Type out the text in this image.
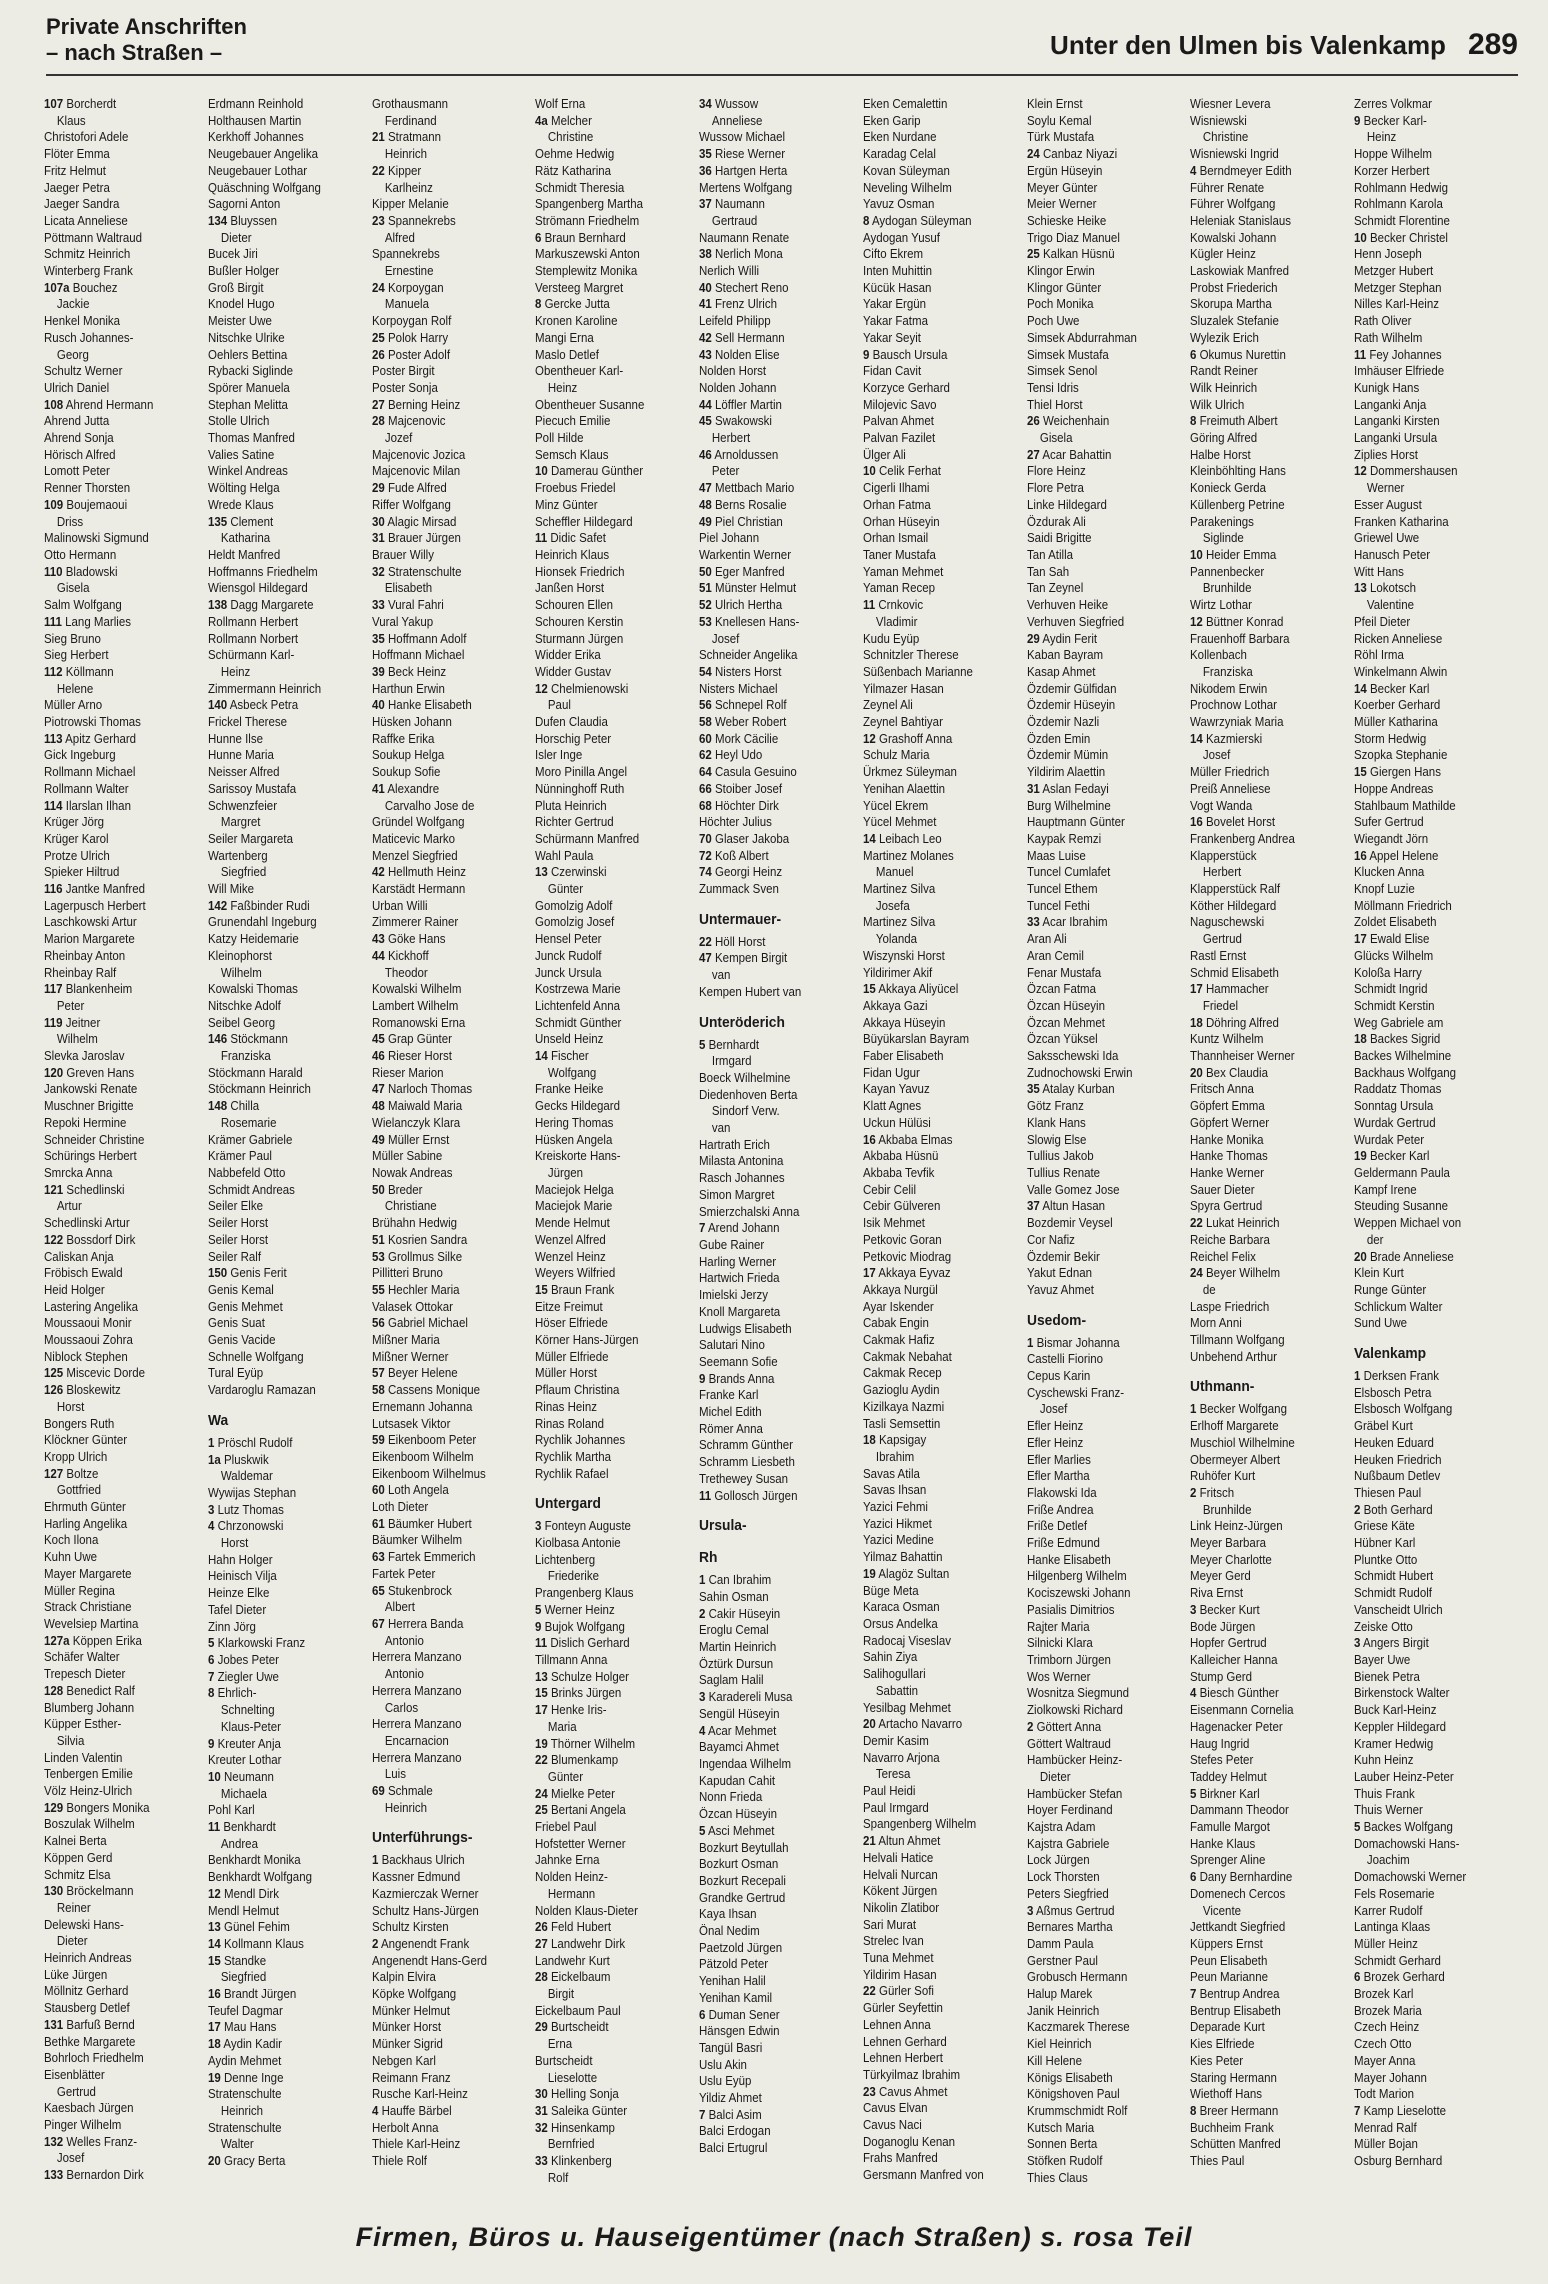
Private Anschriften
– nach Straßen –	Unter den Ulmen bis Valenkamp 289
107 Borcherdt
Klaus
Christofori Adele
Flöter Emma
Fritz Helmut
Jaeger Petra
Jaeger Sandra
Licata Anneliese
Pöttmann Waltraud
Schmitz Heinrich
Winterberg Frank
107a Bouchez
Jackie
Henkel Monika
Rusch Johannes-
Georg
Schultz Werner
Ulrich Daniel
108 Ahrend Hermann
Ahrend Jutta
Ahrend Sonja
Hörisch Alfred
Lomott Peter
Renner Thorsten
109 Boujemaoui
Driss
Malinowski Sigmund
Otto Hermann
110 Bladowski
Gisela
Salm Wolfgang
111 Lang Marlies
Sieg Bruno
Sieg Herbert
112 Köllmann
Helene
Müller Arno
Piotrowski Thomas
113 Apitz Gerhard
Gick Ingeburg
Rollmann Michael
Rollmann Walter
114 Ilarslan Ilhan
Krüger Jörg
Krüger Karol
Protze Ulrich
Spieker Hiltrud
116 Jantke Manfred
Lagerpusch Herbert
Laschkowski Artur
Marion Margarete
Rheinbay Anton
Rheinbay Ralf
117 Blankenheim
Peter
119 Jeitner
Wilhelm
Slevka Jaroslav
120 Greven Hans
Jankowski Renate
Muschner Brigitte
Repoki Hermine
Schneider Christine
Schürings Herbert
Smrcka Anna
121 Schedlinski
Artur
Schedlinski Artur
122 Bossdorf Dirk
Caliskan Anja
Fröbisch Ewald
Heid Holger
Lastering Angelika
Moussaoui Monir
Moussaoui Zohra
Niblock Stephen
125 Miscevic Dorde
126 Bloskewitz
Horst
Bongers Ruth
Klöckner Günter
Kropp Ulrich
127 Boltze
Gottfried
Ehrmuth Günter
Harling Angelika
Koch Ilona
Kuhn Uwe
Mayer Margarete
Müller Regina
Strack Christiane
Wevelsiep Martina
127a Köppen Erika
Schäfer Walter
Trepesch Dieter
128 Benedict Ralf
Blumberg Johann
Küpper Esther-
Silvia
Linden Valentin
Tenbergen Emilie
Völz Heinz-Ulrich
129 Bongers Monika
Boszulak Wilhelm
Kalnei Berta
Köppen Gerd
Schmitz Elsa
130 Bröckelmann
Reiner
Delewski Hans-
Dieter
Heinrich Andreas
Lüke Jürgen
Möllnitz Gerhard
Stausberg Detlef
131 Barfuß Bernd
Bethke Margarete
Bohrloch Friedhelm
Eisenblätter
Gertrud
Kaesbach Jürgen
Pinger Wilhelm
132 Welles Franz-
Josef
133 Bernardon Dirk
Erdmann Reinhold
Holthausen Martin
Kerkhoff Johannes
Neugebauer Angelika
Neugebauer Lothar
Quäschning Wolfgang
Sagorni Anton
134 Bluyssen
Dieter
Bucek Jiri
Bußler Holger
Groß Birgit
Knodel Hugo
Meister Uwe
Nitschke Ulrike
Oehlers Bettina
Rybacki Siglinde
Spörer Manuela
Stephan Melitta
Stolle Ulrich
Thomas Manfred
Valies Satine
Winkel Andreas
Wölting Helga
Wrede Klaus
135 Clement
Katharina
Heldt Manfred
Hoffmanns Friedhelm
Wiensgol Hildegard
138 Dagg Margarete
Rollmann Herbert
Rollmann Norbert
Schürmann Karl-
Heinz
Zimmermann Heinrich
140 Asbeck Petra
Frickel Therese
Hunne Ilse
Hunne Maria
Neisser Alfred
Sarissoy Mustafa
Schwenzfeier
Margret
Seiler Margareta
Wartenberg
Siegfried
Will Mike
142 Faßbinder Rudi
Grunendahl Ingeburg
Katzy Heidemarie
Kleinophorst
Wilhelm
Kowalski Thomas
Nitschke Adolf
Seibel Georg
146 Stöckmann
Franziska
Stöckmann Harald
Stöckmann Heinrich
148 Chilla
Rosemarie
Krämer Gabriele
Krämer Paul
Nabbefeld Otto
Schmidt Andreas
Seiler Elke
Seiler Horst
Seiler Horst
Seiler Ralf
150 Genis Ferit
Genis Kemal
Genis Mehmet
Genis Suat
Genis Vacide
Schnelle Wolfgang
Tural Eyüp
Vardaroglu Ramazan
Wa
1 Pröschl Rudolf
1a Pluskwik
Waldemar
Wywijas Stephan
3 Lutz Thomas
4 Chrzonowski
Horst
Hahn Holger
Heinisch Vilja
Heinze Elke
Tafel Dieter
Zinn Jörg
5 Klarkowski Franz
6 Jobes Peter
7 Ziegler Uwe
8 Ehrlich-
Schnelting
Klaus-Peter
9 Kreuter Anja
Kreuter Lothar
10 Neumann
Michaela
Pohl Karl
11 Benkhardt
Andrea
Benkhardt Monika
Benkhardt Wolfgang
12 Mendl Dirk
Mendl Helmut
13 Günel Fehim
14 Kollmann Klaus
15 Standke
Siegfried
16 Brandt Jürgen
Teufel Dagmar
17 Mau Hans
18 Aydin Kadir
Aydin Mehmet
19 Denne Inge
Stratenschulte
Heinrich
Stratenschulte
Walter
20 Gracy Berta
Grothausmann
Ferdinand
21 Stratmann
Heinrich
22 Kipper
Karlheinz
Kipper Melanie
23 Spannekrebs
Alfred
Spannekrebs
Ernestine
24 Korpoygan
Manuela
Korpoygan Rolf
25 Polok Harry
26 Poster Adolf
Poster Birgit
Poster Sonja
27 Berning Heinz
28 Majcenovic
Jozef
Majcenovic Jozica
Majcenovic Milan
29 Fude Alfred
Riffer Wolfgang
30 Alagic Mirsad
31 Brauer Jürgen
Brauer Willy
32 Stratenschulte
Elisabeth
33 Vural Fahri
Vural Yakup
35 Hoffmann Adolf
Hoffmann Michael
39 Beck Heinz
Harthun Erwin
40 Hanke Elisabeth
Hüsken Johann
Raffke Erika
Soukup Helga
Soukup Sofie
41 Alexandre
Carvalho Jose de
Gründel Wolfgang
Maticevic Marko
Menzel Siegfried
42 Hellmuth Heinz
Karstädt Hermann
Urban Willi
Zimmerer Rainer
43 Göke Hans
44 Kickhoff
Theodor
Kowalski Wilhelm
Lambert Wilhelm
Romanowski Erna
45 Grap Günter
46 Rieser Horst
Rieser Marion
47 Narloch Thomas
48 Maiwald Maria
Wielanczyk Klara
49 Müller Ernst
Müller Sabine
Nowak Andreas
50 Breder
Christiane
Brühahn Hedwig
51 Kosrien Sandra
53 Grollmus Silke
Pillitteri Bruno
55 Hechler Maria
Valasek Ottokar
56 Gabriel Michael
Mißner Maria
Mißner Werner
57 Beyer Helene
58 Cassens Monique
Ernemann Johanna
Lutsasek Viktor
59 Eikenboom Peter
Eikenboom Wilhelm
Eikenboom Wilhelmus
60 Loth Angela
Loth Dieter
61 Bäumker Hubert
Bäumker Wilhelm
63 Fartek Emmerich
Fartek Peter
65 Stukenbrock
Albert
67 Herrera Banda
Antonio
Herrera Manzano
Antonio
Herrera Manzano
Carlos
Herrera Manzano
Encarnacion
Herrera Manzano
Luis
69 Schmale
Heinrich
Unterführungs-
1 Backhaus Ulrich
Kassner Edmund
Kazmierczak Werner
Schultz Hans-Jürgen
Schultz Kirsten
2 Angenendt Frank
Angenendt Hans-Gerd
Kalpin Elvira
Köpke Wolfgang
Münker Helmut
Münker Horst
Münker Sigrid
Nebgen Karl
Reimann Franz
Rusche Karl-Heinz
4 Hauffe Bärbel
Herbolt Anna
Thiele Karl-Heinz
Thiele Rolf
Wolf Erna
4a Melcher
Christine
Oehme Hedwig
Rätz Katharina
Schmidt Theresia
Spangenberg Martha
Strömann Friedhelm
6 Braun Bernhard
Markuszewski Anton
Stemplewitz Monika
Versteeg Margret
8 Gercke Jutta
Kronen Karoline
Mangi Erna
Maslo Detlef
Obentheuer Karl-
Heinz
Obentheuer Susanne
Piecuch Emilie
Poll Hilde
Semsch Klaus
10 Damerau Günther
Froebus Friedel
Minz Günter
Scheffler Hildegard
11 Didic Safet
Heinrich Klaus
Hionsek Friedrich
Janßen Horst
Schouren Ellen
Schouren Kerstin
Sturmann Jürgen
Widder Erika
Widder Gustav
12 Chelmienowski
Paul
Dufen Claudia
Horschig Peter
Isler Inge
Moro Pinilla Angel
Nünninghoff Ruth
Pluta Heinrich
Richter Gertrud
Schürmann Manfred
Wahl Paula
13 Czerwinski
Günter
Gomolzig Adolf
Gomolzig Josef
Hensel Peter
Junck Rudolf
Junck Ursula
Kostrzewa Marie
Lichtenfeld Anna
Schmidt Günther
Unseld Heinz
14 Fischer
Wolfgang
Franke Heike
Gecks Hildegard
Hering Thomas
Hüsken Angela
Kreiskorte Hans-
Jürgen
Maciejok Helga
Maciejok Marie
Mende Helmut
Wenzel Alfred
Wenzel Heinz
Weyers Wilfried
15 Braun Frank
Eitze Freimut
Höser Elfriede
Körner Hans-Jürgen
Müller Elfriede
Müller Horst
Pflaum Christina
Rinas Heinz
Rinas Roland
Rychlik Johannes
Rychlik Martha
Rychlik Rafael
Untergard
3 Fonteyn Auguste
Kiolbasa Antonie
Lichtenberg
Friederike
Prangenberg Klaus
5 Werner Heinz
9 Bujok Wolfgang
11 Dislich Gerhard
Tillmann Anna
13 Schulze Holger
15 Brinks Jürgen
17 Henke Iris-
Maria
19 Thörner Wilhelm
22 Blumenkamp
Günter
24 Mielke Peter
25 Bertani Angela
Friebel Paul
Hofstetter Werner
Jahnke Erna
Nolden Heinz-
Hermann
Nolden Klaus-Dieter
26 Feld Hubert
27 Landwehr Dirk
Landwehr Kurt
28 Eickelbaum
Birgit
Eickelbaum Paul
29 Burtscheidt
Erna
Burtscheidt
Lieselotte
30 Helling Sonja
31 Saleika Günter
32 Hinsenkamp
Bernfried
33 Klinkenberg
Rolf
34 Wussow
Anneliese
Wussow Michael
35 Riese Werner
36 Hartgen Herta
Mertens Wolfgang
37 Naumann
Gertraud
Naumann Renate
38 Nerlich Mona
Nerlich Willi
40 Stechert Reno
41 Frenz Ulrich
Leifeld Philipp
42 Sell Hermann
43 Nolden Elise
Nolden Horst
Nolden Johann
44 Löffler Martin
45 Swakowski
Herbert
46 Arnoldussen
Peter
47 Mettbach Mario
48 Berns Rosalie
49 Piel Christian
Piel Johann
Warkentin Werner
50 Eger Manfred
51 Münster Helmut
52 Ulrich Hertha
53 Knellesen Hans-
Josef
Schneider Angelika
54 Nisters Horst
Nisters Michael
56 Schnepel Rolf
58 Weber Robert
60 Mork Cäcilie
62 Heyl Udo
64 Casula Gesuino
66 Stoiber Josef
68 Höchter Dirk
Höchter Julius
70 Glaser Jakoba
72 Koß Albert
74 Georgi Heinz
Zummack Sven
Untermauer-
22 Höll Horst
47 Kempen Birgit
van
Kempen Hubert van
Unteröderich
5 Bernhardt
Irmgard
Boeck Wilhelmine
Diedenhoven Berta
Sindorf Verw.
van
Hartrath Erich
Milasta Antonina
Rasch Johannes
Simon Margret
Smierzchalski Anna
7 Arend Johann
Gube Rainer
Harling Werner
Hartwich Frieda
Imielski Jerzy
Knoll Margareta
Ludwigs Elisabeth
Salutari Nino
Seemann Sofie
9 Brands Anna
Franke Karl
Michel Edith
Römer Anna
Schramm Günther
Schramm Liesbeth
Trethewey Susan
11 Gollosch Jürgen
Ursula-
Rh
1 Can Ibrahim
Sahin Osman
2 Cakir Hüseyin
Eroglu Cemal
Martin Heinrich
Öztürk Dursun
Saglam Halil
3 Karadereli Musa
Sengül Hüseyin
4 Acar Mehmet
Bayamci Ahmet
Ingendaa Wilhelm
Kapudan Cahit
Nonn Frieda
Özcan Hüseyin
5 Asci Mehmet
Bozkurt Beytullah
Bozkurt Osman
Bozkurt Recepali
Grandke Gertrud
Kaya Ihsan
Önal Nedim
Paetzold Jürgen
Pätzold Peter
Yenihan Halil
Yenihan Kamil
6 Duman Sener
Hänsgen Edwin
Tangül Basri
Uslu Akin
Uslu Eyüp
Yildiz Ahmet
7 Balci Asim
Balci Erdogan
Balci Ertugrul
Eken Cemalettin
Eken Garip
Eken Nurdane
Karadag Celal
Kovan Süleyman
Neveling Wilhelm
Yavuz Osman
8 Aydogan Süleyman
Aydogan Yusuf
Cifto Ekrem
Inten Muhittin
Kücük Hasan
Yakar Ergün
Yakar Fatma
Yakar Seyit
9 Bausch Ursula
Fidan Cavit
Korzyce Gerhard
Milojevic Savo
Palvan Ahmet
Palvan Fazilet
Ülger Ali
10 Celik Ferhat
Cigerli Ilhami
Orhan Fatma
Orhan Hüseyin
Orhan Ismail
Taner Mustafa
Yaman Mehmet
Yaman Recep
11 Crnkovic
Vladimir
Kudu Eyüp
Schnitzler Therese
Süßenbach Marianne
Yilmazer Hasan
Zeynel Ali
Zeynel Bahtiyar
12 Grashoff Anna
Schulz Maria
Ürkmez Süleyman
Yenihan Alaettin
Yücel Ekrem
Yücel Mehmet
14 Leibach Leo
Martinez Molanes
Manuel
Martinez Silva
Josefa
Martinez Silva
Yolanda
Wiszynski Horst
Yildirimer Akif
15 Akkaya Aliyücel
Akkaya Gazi
Akkaya Hüseyin
Büyükarslan Bayram
Faber Elisabeth
Fidan Ugur
Kayan Yavuz
Klatt Agnes
Uckun Hülüsi
16 Akbaba Elmas
Akbaba Hüsnü
Akbaba Tevfik
Cebir Celil
Cebir Gülveren
Isik Mehmet
Petkovic Goran
Petkovic Miodrag
17 Akkaya Eyvaz
Akkaya Nurgül
Ayar Iskender
Cabak Engin
Cakmak Hafiz
Cakmak Nebahat
Cakmak Recep
Gazioglu Aydin
Kizilkaya Nazmi
Tasli Semsettin
18 Kapsigay
Ibrahim
Savas Atila
Savas Ihsan
Yazici Fehmi
Yazici Hikmet
Yazici Medine
Yilmaz Bahattin
19 Alagöz Sultan
Büge Meta
Karaca Osman
Orsus Andelka
Radocaj Viseslav
Sahin Ziya
Salihogullari
Sabattin
Yesilbag Mehmet
20 Artacho Navarro
Demir Kasim
Navarro Arjona
Teresa
Paul Heidi
Paul Irmgard
Spangenberg Wilhelm
21 Altun Ahmet
Helvali Hatice
Helvali Nurcan
Kökent Jürgen
Nikolin Zlatibor
Sari Murat
Strelec Ivan
Tuna Mehmet
Yildirim Hasan
22 Gürler Sofi
Gürler Seyfettin
Lehnen Anna
Lehnen Gerhard
Lehnen Herbert
Türkyilmaz Ibrahim
23 Cavus Ahmet
Cavus Elvan
Cavus Naci
Doganoglu Kenan
Frahs Manfred
Gersmann Manfred von
Klein Ernst
Soylu Kemal
Türk Mustafa
24 Canbaz Niyazi
Ergün Hüseyin
Meyer Günter
Meier Werner
Schieske Heike
Trigo Diaz Manuel
25 Kalkan Hüsnü
Klingor Erwin
Klingor Günter
Poch Monika
Poch Uwe
Simsek Abdurrahman
Simsek Mustafa
Simsek Senol
Tensi Idris
Thiel Horst
26 Weichenhain
Gisela
27 Acar Bahattin
Flore Heinz
Flore Petra
Linke Hildegard
Özdurak Ali
Saidi Brigitte
Tan Atilla
Tan Sah
Tan Zeynel
Verhuven Heike
Verhuven Siegfried
29 Aydin Ferit
Kaban Bayram
Kasap Ahmet
Özdemir Gülfidan
Özdemir Hüseyin
Özdemir Nazli
Özden Emin
Özdemir Mümin
Yildirim Alaettin
31 Aslan Fedayi
Burg Wilhelmine
Hauptmann Günter
Kaypak Remzi
Maas Luise
Tuncel Cumlafet
Tuncel Ethem
Tuncel Fethi
33 Acar Ibrahim
Aran Ali
Aran Cemil
Fenar Mustafa
Özcan Fatma
Özcan Hüseyin
Özcan Mehmet
Özcan Yüksel
Saksschewski Ida
Zudnochowski Erwin
35 Atalay Kurban
Götz Franz
Klank Hans
Slowig Else
Tullius Jakob
Tullius Renate
Valle Gomez Jose
37 Altun Hasan
Bozdemir Veysel
Cor Nafiz
Özdemir Bekir
Yakut Ednan
Yavuz Ahmet
Usedom-
1 Bismar Johanna
Castelli Fiorino
Cepus Karin
Cyschewski Franz-
Josef
Efler Heinz
Efler Heinz
Efler Marlies
Efler Martha
Flakowski Ida
Friße Andrea
Friße Detlef
Friße Edmund
Hanke Elisabeth
Hilgenberg Wilhelm
Kociszewski Johann
Pasialis Dimitrios
Rajter Maria
Silnicki Klara
Trimborn Jürgen
Wos Werner
Wosnitza Siegmund
Ziolkowski Richard
2 Göttert Anna
Göttert Waltraud
Hambücker Heinz-
Dieter
Hambücker Stefan
Hoyer Ferdinand
Kajstra Adam
Kajstra Gabriele
Lock Jürgen
Lock Thorsten
Peters Siegfried
3 Aßmus Gertrud
Bernares Martha
Damm Paula
Gerstner Paul
Grobusch Hermann
Halup Marek
Janik Heinrich
Kaczmarek Therese
Kiel Heinrich
Kill Helene
Königs Elisabeth
Königshoven Paul
Krummschmidt Rolf
Kutsch Maria
Sonnen Berta
Stöfken Rudolf
Thies Claus
Wiesner Levera
Wisniewski
Christine
Wisniewski Ingrid
4 Berndmeyer Edith
Führer Renate
Führer Wolfgang
Heleniak Stanislaus
Kowalski Johann
Kügler Heinz
Laskowiak Manfred
Probst Friederich
Skorupa Martha
Sluzalek Stefanie
Wylezik Erich
6 Okumus Nurettin
Randt Reiner
Wilk Heinrich
Wilk Ulrich
8 Freimuth Albert
Göring Alfred
Halbe Horst
Kleinböhlting Hans
Konieck Gerda
Küllenberg Petrine
Parakenings
Siglinde
10 Heider Emma
Pannenbecker
Brunhilde
Wirtz Lothar
12 Büttner Konrad
Frauenhoff Barbara
Kollenbach
Franziska
Nikodem Erwin
Prochnow Lothar
Wawrzyniak Maria
14 Kazmierski
Josef
Müller Friedrich
Preiß Anneliese
Vogt Wanda
16 Bovelet Horst
Frankenberg Andrea
Klapperstück
Herbert
Klapperstück Ralf
Köther Hildegard
Naguschewski
Gertrud
Rastl Ernst
Schmid Elisabeth
17 Hammacher
Friedel
18 Döhring Alfred
Kuntz Wilhelm
Thannheiser Werner
20 Bex Claudia
Fritsch Anna
Göpfert Emma
Göpfert Werner
Hanke Monika
Hanke Thomas
Hanke Werner
Sauer Dieter
Spyra Gertrud
22 Lukat Heinrich
Reiche Barbara
Reichel Felix
24 Beyer Wilhelm
de
Laspe Friedrich
Morn Anni
Tillmann Wolfgang
Unbehend Arthur
Uthmann-
1 Becker Wolfgang
Erlhoff Margarete
Muschiol Wilhelmine
Obermeyer Albert
Ruhöfer Kurt
2 Fritsch
Brunhilde
Link Heinz-Jürgen
Meyer Barbara
Meyer Charlotte
Meyer Gerd
Riva Ernst
3 Becker Kurt
Bode Jürgen
Hopfer Gertrud
Kalleicher Hanna
Stump Gerd
4 Biesch Günther
Eisenmann Cornelia
Hagenacker Peter
Haug Ingrid
Stefes Peter
Taddey Helmut
5 Birkner Karl
Dammann Theodor
Famulle Margot
Hanke Klaus
Sprenger Aline
6 Dany Bernhardine
Domenech Cercos
Vicente
Jettkandt Siegfried
Küppers Ernst
Peun Elisabeth
Peun Marianne
7 Bentrup Andrea
Bentrup Elisabeth
Deparade Kurt
Kies Elfriede
Kies Peter
Staring Hermann
Wiethoff Hans
8 Breer Hermann
Buchheim Frank
Schütten Manfred
Thies Paul
Zerres Volkmar
9 Becker Karl-
Heinz
Hoppe Wilhelm
Korzer Herbert
Rohlmann Hedwig
Rohlmann Karola
Schmidt Florentine
10 Becker Christel
Henn Joseph
Metzger Hubert
Metzger Stephan
Nilles Karl-Heinz
Rath Oliver
Rath Wilhelm
11 Fey Johannes
Imhäuser Elfriede
Kunigk Hans
Langanki Anja
Langanki Kirsten
Langanki Ursula
Ziplies Horst
12 Dommershausen
Werner
Esser August
Franken Katharina
Griewel Uwe
Hanusch Peter
Witt Hans
13 Lokotsch
Valentine
Pfeil Dieter
Ricken Anneliese
Röhl Irma
Winkelmann Alwin
14 Becker Karl
Koerber Gerhard
Müller Katharina
Storm Hedwig
Szopka Stephanie
15 Giergen Hans
Hoppe Andreas
Stahlbaum Mathilde
Sufer Gertrud
Wiegandt Jörn
16 Appel Helene
Klucken Anna
Knopf Luzie
Möllmann Friedrich
Zoldet Elisabeth
17 Ewald Elise
Glücks Wilhelm
Koloßa Harry
Schmidt Ingrid
Schmidt Kerstin
Weg Gabriele am
18 Backes Sigrid
Backes Wilhelmine
Backhaus Wolfgang
Raddatz Thomas
Sonntag Ursula
Wurdak Gertrud
Wurdak Peter
19 Becker Karl
Geldermann Paula
Kampf Irene
Steuding Susanne
Weppen Michael von
der
20 Brade Anneliese
Klein Kurt
Runge Günter
Schlickum Walter
Sund Uwe
Valenkamp
1 Derksen Frank
Elsbosch Petra
Elsbosch Wolfgang
Gräbel Kurt
Heuken Eduard
Heuken Friedrich
Nußbaum Detlev
Thiesen Paul
2 Both Gerhard
Griese Käte
Hübner Karl
Pluntke Otto
Schmidt Hubert
Schmidt Rudolf
Vanscheidt Ulrich
Zeiske Otto
3 Angers Birgit
Bayer Uwe
Bienek Petra
Birkenstock Walter
Buck Karl-Heinz
Keppler Hildegard
Kramer Hedwig
Kuhn Heinz
Lauber Heinz-Peter
Thuis Frank
Thuis Werner
5 Backes Wolfgang
Domachowski Hans-
Joachim
Domachowski Werner
Fels Rosemarie
Karrer Rudolf
Lantinga Klaas
Müller Heinz
Schmidt Gerhard
6 Brozek Gerhard
Brozek Karl
Brozek Maria
Czech Heinz
Czech Otto
Mayer Anna
Mayer Johann
Todt Marion
7 Kamp Lieselotte
Menrad Ralf
Müller Bojan
Osburg Bernhard
Firmen, Büros u. Hauseigentümer (nach Straßen) s. rosa Teil
